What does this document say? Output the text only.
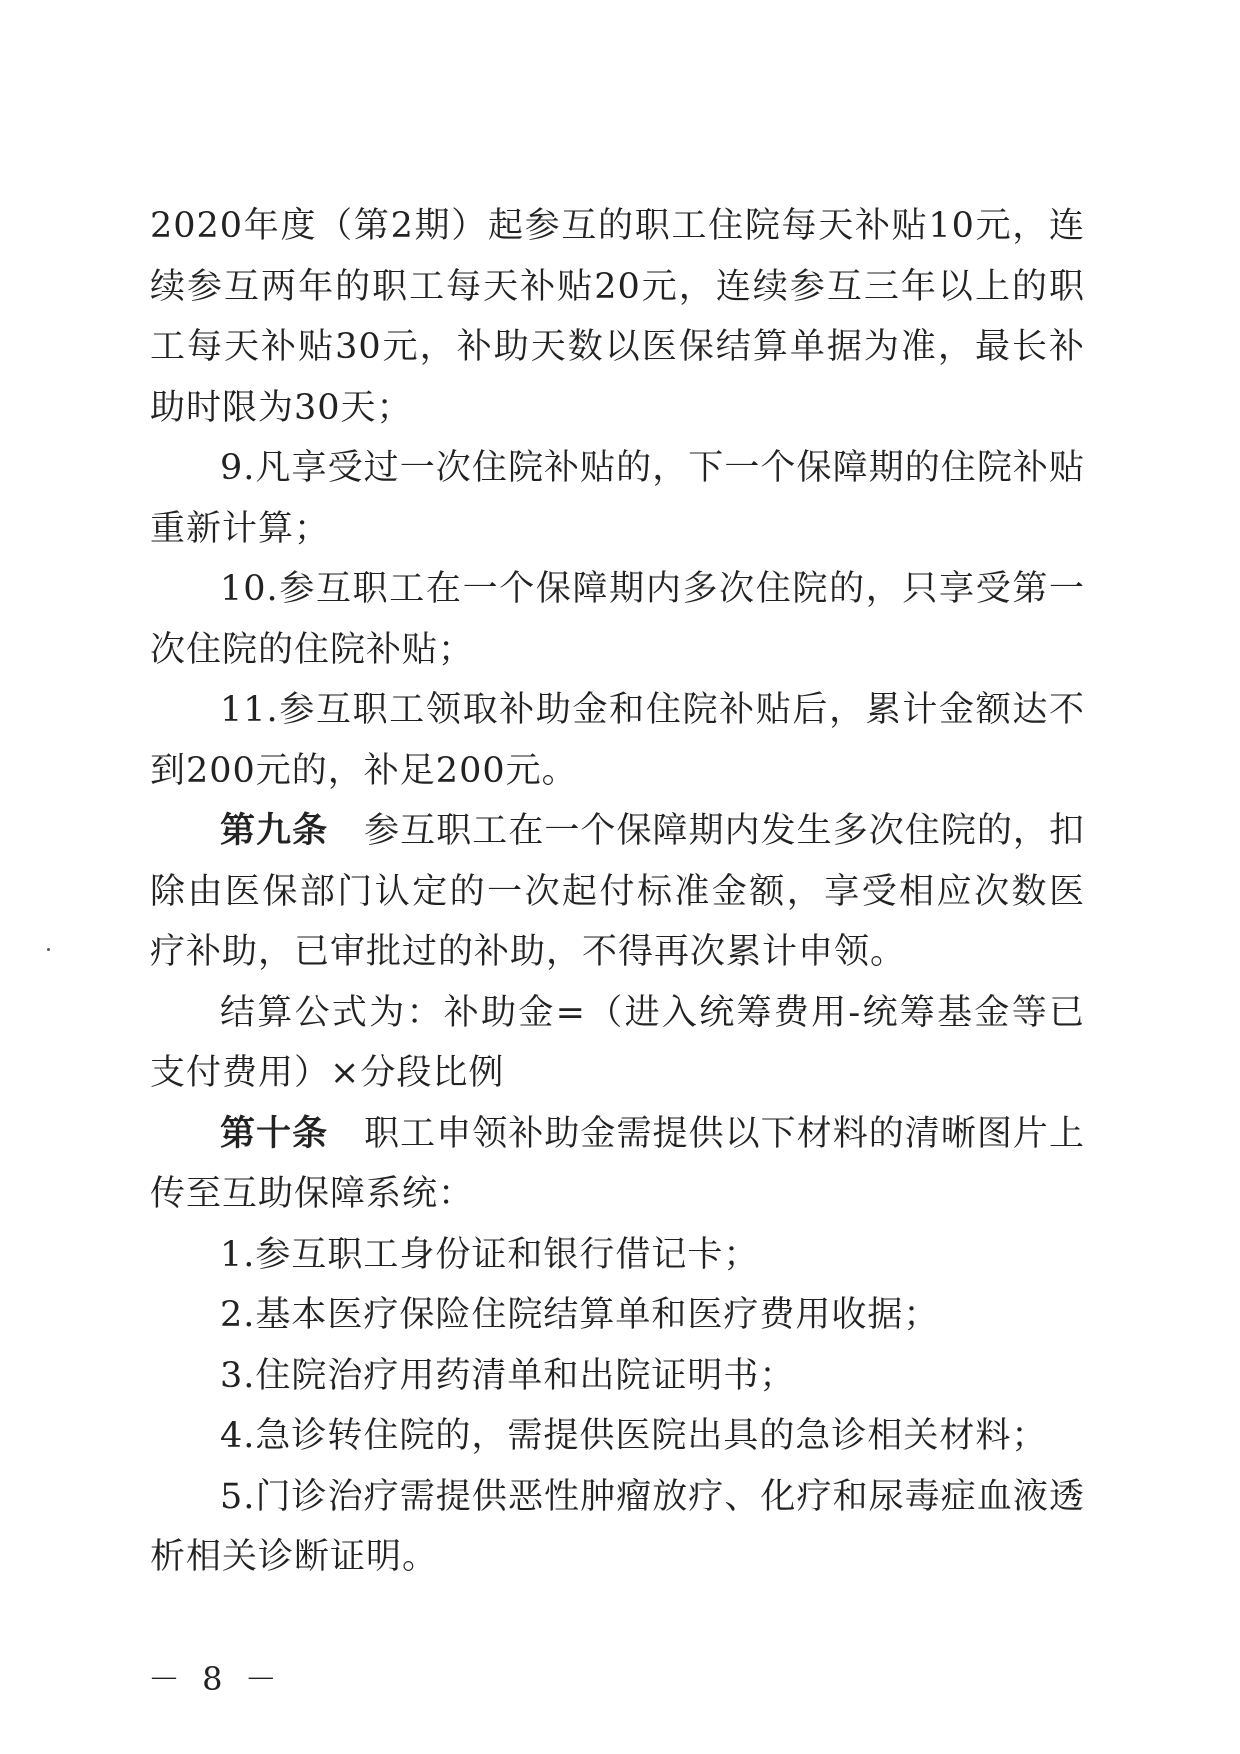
2020年度（第2期）起参互的职工住院每天补贴10元，连续参互两年的职工每天补贴20元，连续参互三年以上的职工每天补贴30元，补助天数以医保结算单据为准，最长补助时限为30天；

9.凡享受过一次住院补贴的，下一个保障期的住院补贴重新计算；

10.参互职工在一个保障期内多次住院的，只享受第一次住院的住院补贴；

11.参互职工领取补助金和住院补贴后，累计金额达不到200元的，补足200元。

第九条 参互职工在一个保障期内发生多次住院的，扣除由医保部门认定的一次起付标准金额，享受相应次数医疗补助，已审批过的补助，不得再次累计申领。

结算公式为：补助金=（进入统筹费用-统筹基金等已支付费用）×分段比例

第十条 职工申领补助金需提供以下材料的清晰图片上传至互助保障系统：

1.参互职工身份证和银行借记卡；

2.基本医疗保险住院结算单和医疗费用收据；

3.住院治疗用药清单和出院证明书；

4.急诊转住院的，需提供医院出具的急诊相关材料；

5.门诊治疗需提供恶性肿瘤放疗、化疗和尿毒症血液透析相关诊断证明。

－ 8 －
